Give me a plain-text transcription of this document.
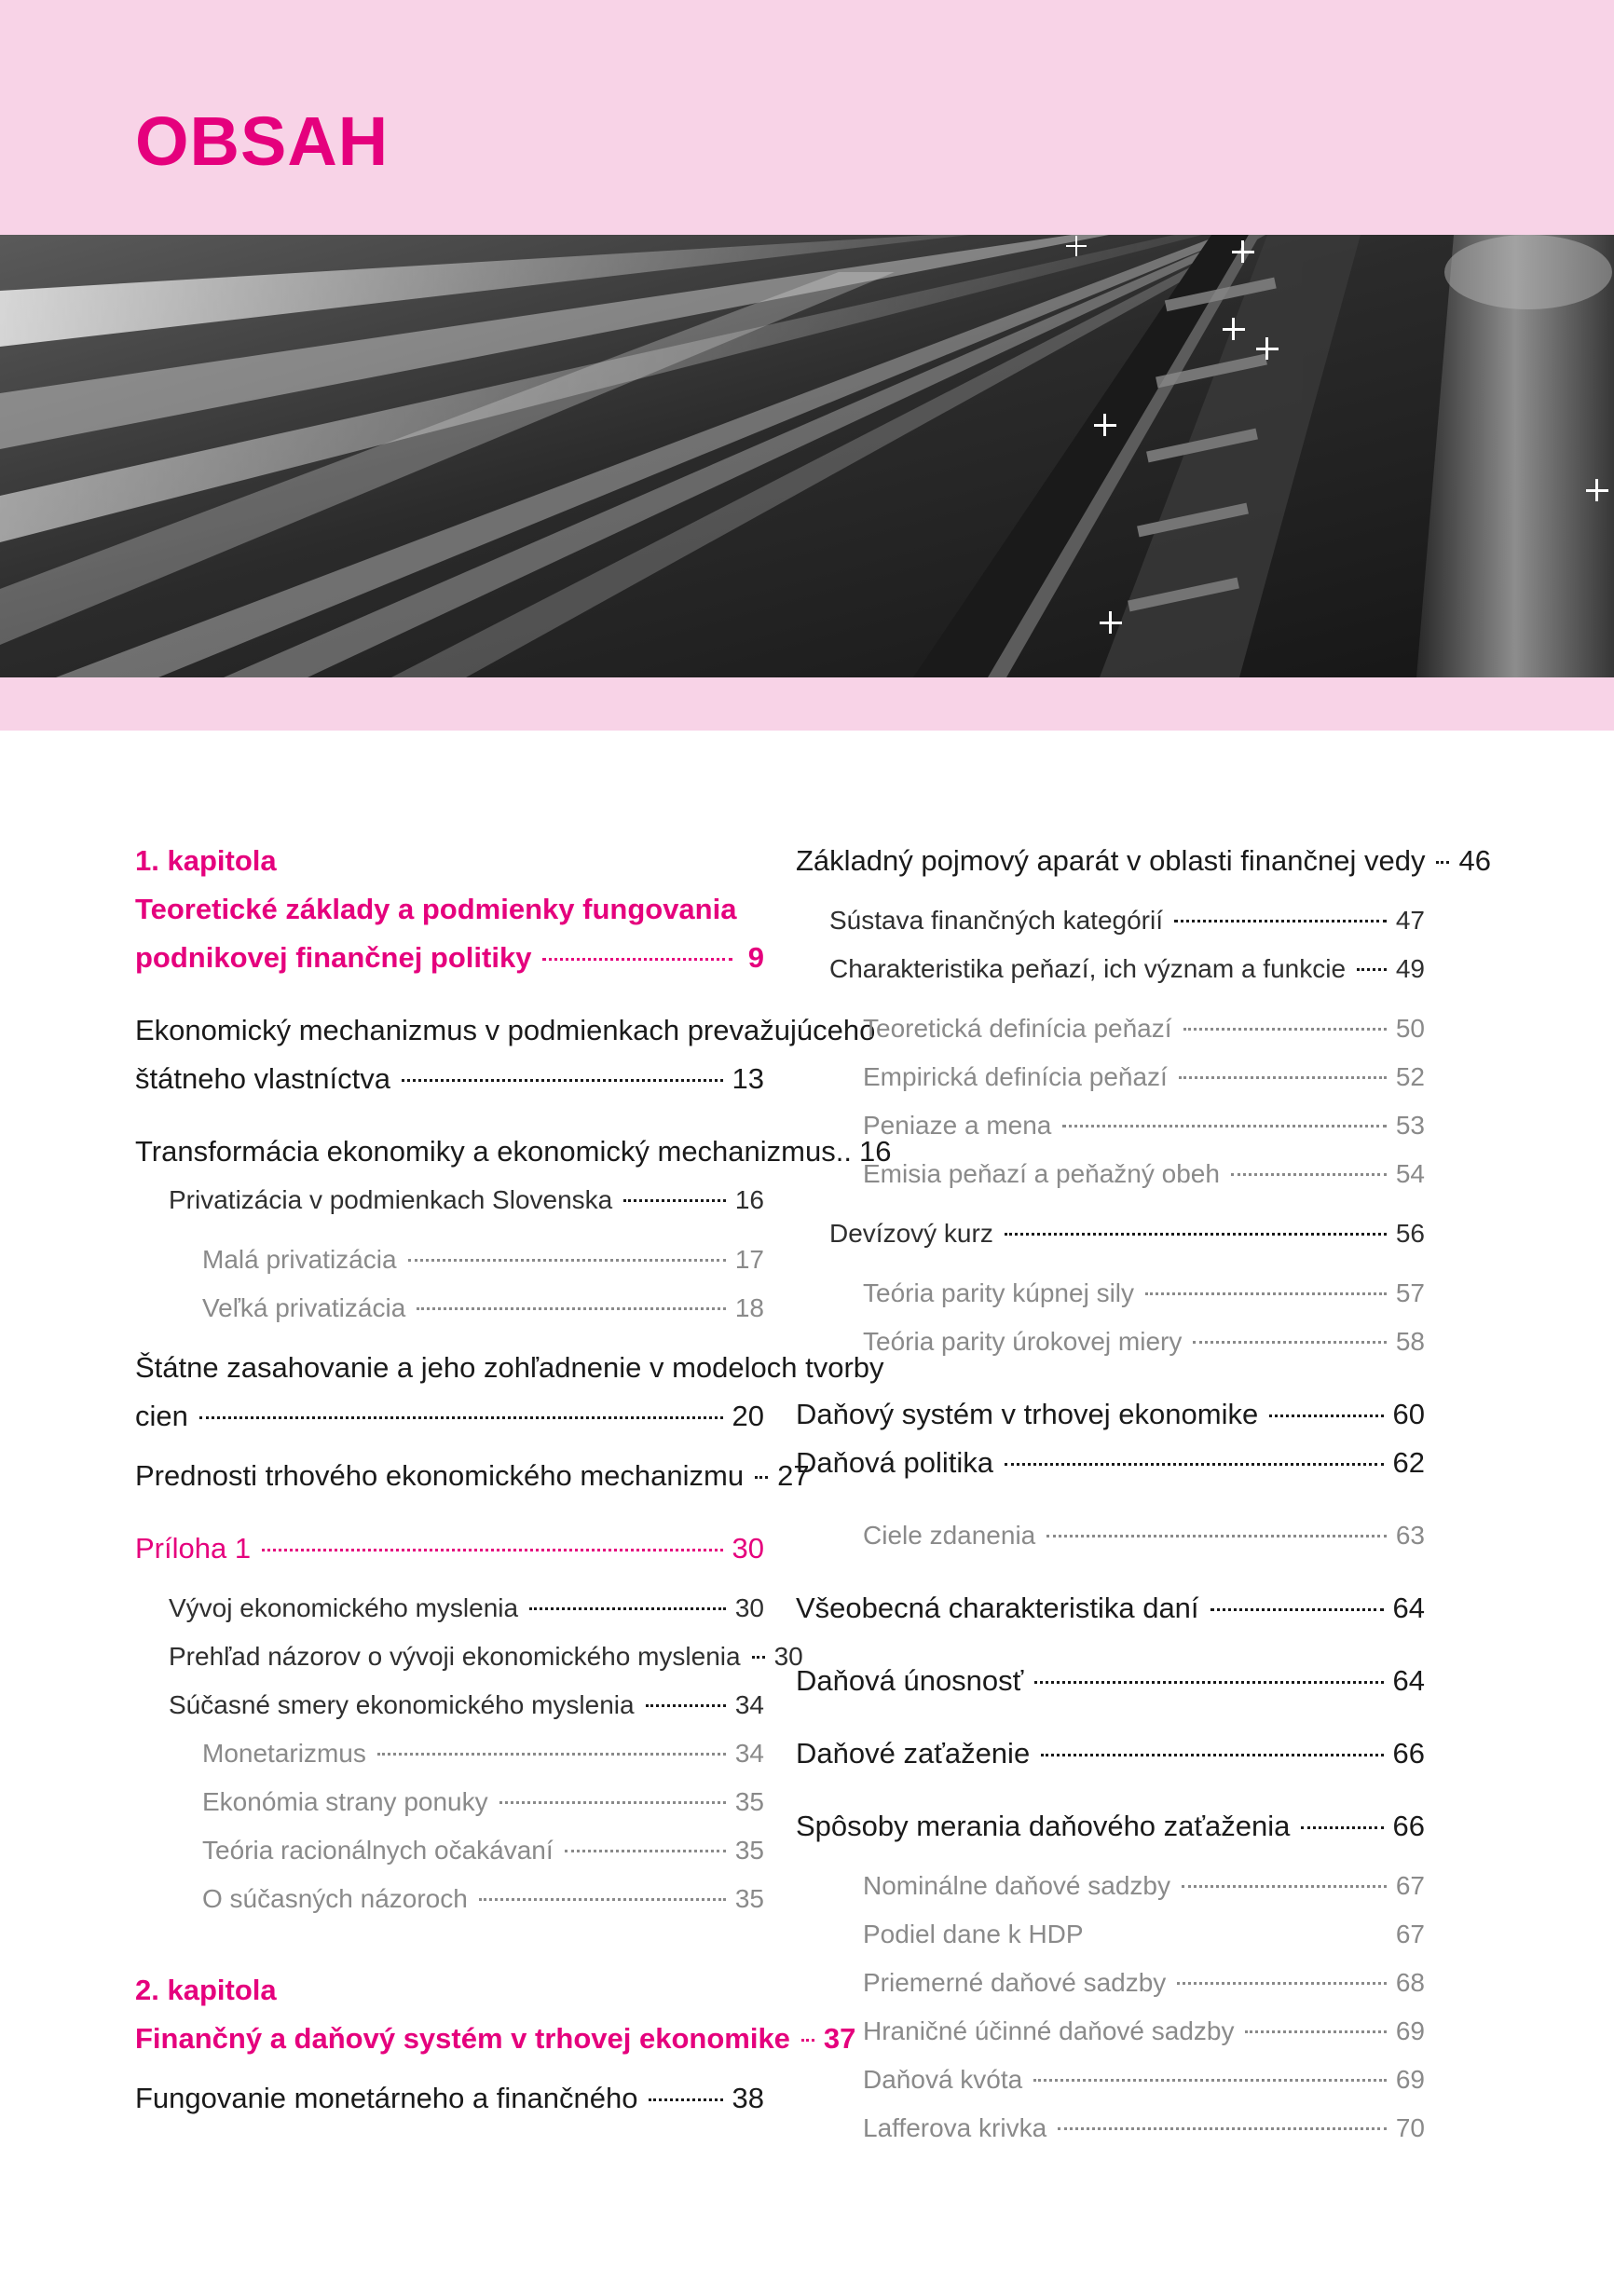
OBSAH
1. kapitola
Teoretické základy a podmienky fungovania
podnikovej finančnej politiky	9
Ekonomický mechanizmus v podmienkach prevažujúceho
štátneho vlastníctva	13
Transformácia ekonomiky a ekonomický mechanizmus.. 16
Privatizácia v podmienkach Slovenska	16
Malá privatizácia	17
Veľká privatizácia	18
Štátne zasahovanie a jeho zohľadnenie v modeloch tvorby
cien	20
Prednosti trhového ekonomického mechanizmu 27
Príloha 1	30
Vývoj ekonomického myslenia	30
Prehľad názorov o vývoji ekonomického myslenia 30
Súčasné smery ekonomického myslenia	34
Monetarizmus	34
Ekonómia strany ponuky	35
Teória racionálnych očakávaní	35
O súčasných názoroch	35
2. kapitola
Finančný a daňový systém v trhovej ekonomike 37
Fungovanie monetárneho a finančného	38
Základný pojmový aparát v oblasti finančnej vedy 46
Sústava finančných kategórií	47
Charakteristika peňazí, ich význam a funkcie 49
Teoretická definícia peňazí	50
Empirická definícia peňazí	52
Peniaze a mena	53
Emisia peňazí a peňažný obeh	54
Devízový kurz	56
Teória parity kúpnej sily	57
Teória parity úrokovej miery	58
Daňový systém v trhovej ekonomike	60
Daňová politika	62
Ciele zdanenia	63
Všeobecná charakteristika daní	64
Daňová únosnosť	64
Daňové zaťaženie	66
Spôsoby merania daňového zaťaženia	66
Nominálne daňové sadzby	67
Podiel dane k HDP	67
Priemerné daňové sadzby	68
Hraničné účinné daňové sadzby	69
Daňová kvóta	69
Lafferova krivka	70
